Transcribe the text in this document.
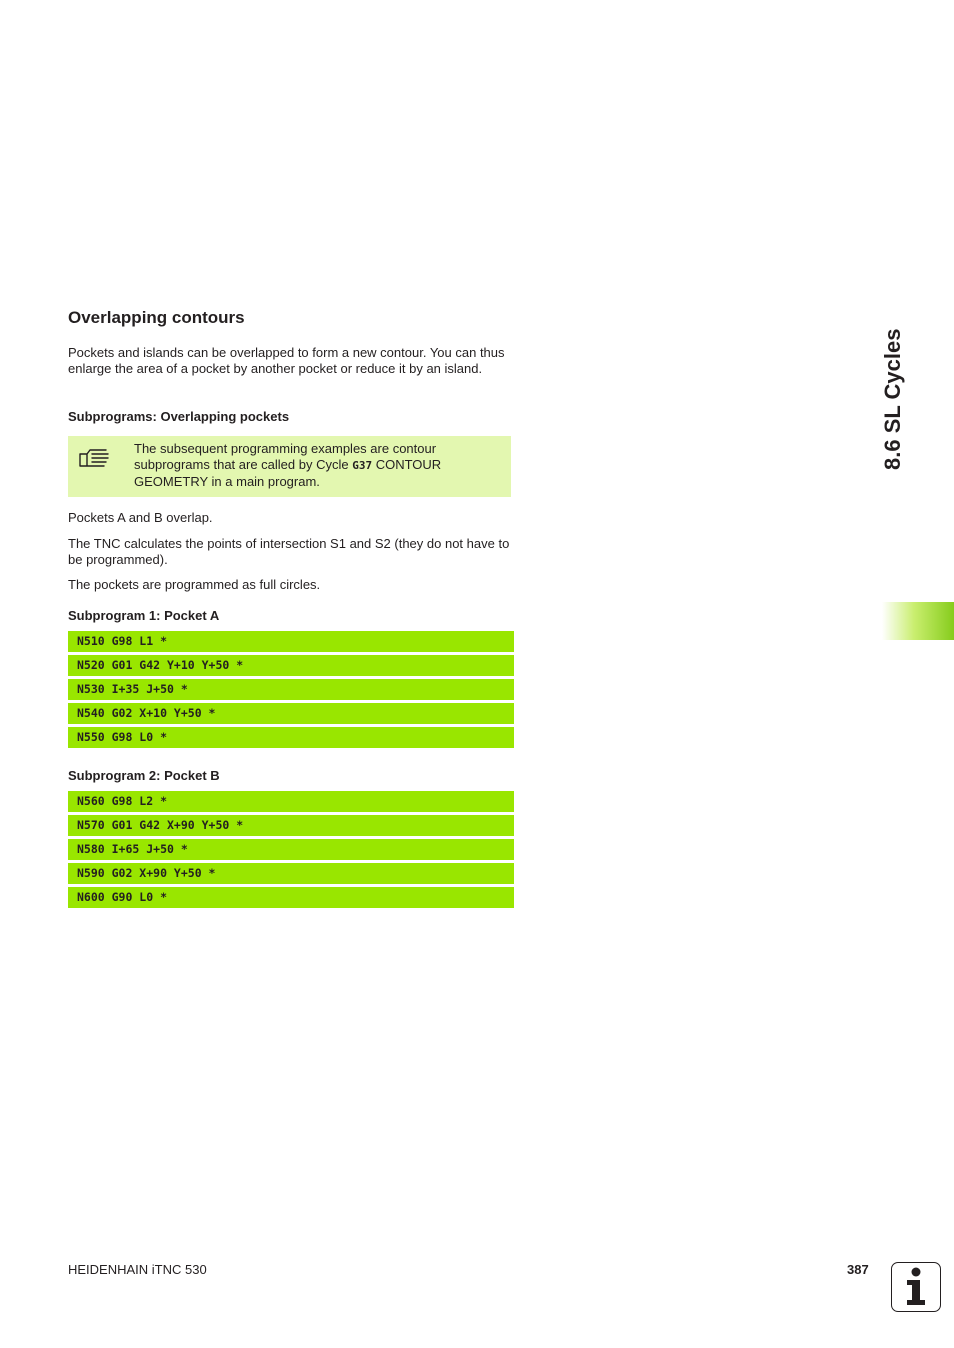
Overlapping contours

Pockets and islands can be overlapped to form a new contour. You can thus enlarge the area of a pocket by another pocket or reduce it by an island.

Subprograms: Overlapping pockets

The subsequent programming examples are contour subprograms that are called by Cycle G37 CONTOUR GEOMETRY in a main program.

Pockets A and B overlap.

The TNC calculates the points of intersection S1 and S2 (they do not have to be programmed).

The pockets are programmed as full circles.

Subprogram 1: Pocket A

N510 G98 L1 *
N520 G01 G42 Y+10 Y+50 *
N530 I+35 J+50 *
N540 G02 X+10 Y+50 *
N550 G98 L0 *

Subprogram 2: Pocket B

N560 G98 L2 *
N570 G01 G42 X+90 Y+50 *
N580 I+65 J+50 *
N590 G02 X+90 Y+50 *
N600 G90 L0 *
8.6 SL Cycles
HEIDENHAIN iTNC 530	387
